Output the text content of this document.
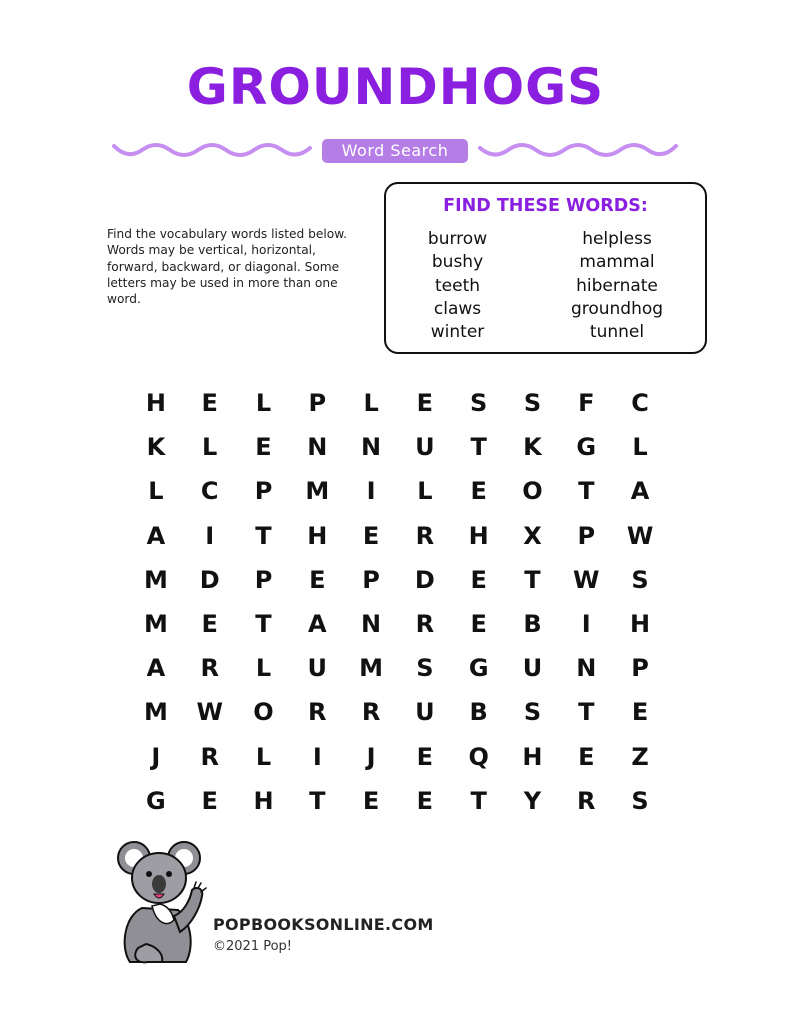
GROUNDHOGS
Word Search

Find the vocabulary words listed below. Words may be vertical, horizontal, forward, backward, or diagonal. Some letters may be used in more than one word.

FIND THESE WORDS:
burrow
bushy
teeth
claws
winter
helpless
mammal
hibernate
groundhog
tunnel
H	E	L	P	L	E	S	S	F	C
K	L	E	N	N	U	T	K	G	L
L	C	P	M	I	L	E	O	T	A
A	I	T	H	E	R	H	X	P	W
M	D	P	E	P	D	E	T	W	S
M	E	T	A	N	R	E	B	I	H
A	R	L	U	M	S	G	U	N	P
M	W	O	R	R	U	B	S	T	E
J	R	L	I	J	E	Q	H	E	Z
G	E	H	T	E	E	T	Y	R	S

POPBOOKSONLINE.COM

©2021 Pop!
